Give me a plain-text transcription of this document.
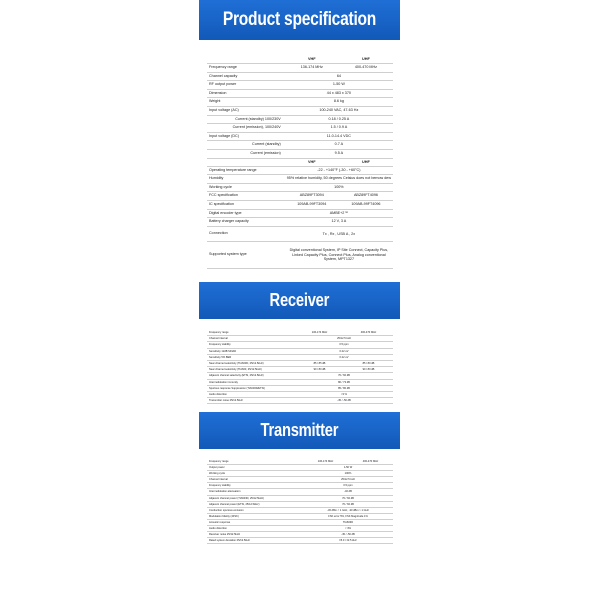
Product specification
	VHF	UHF
Frequency range	136-174 MHz	400-470 MHz
Channel capacity	64	
RF output power	1-50 W	
Dimension	44 x 483 x 370	
Weight	8.6 kg	
Input voltage (AC)	100-240 VAC, 47-63 Hz	
Current (standby) 100/230V	0.18 / 0.25 A	
Current (emission), 100/240V	1.5 / 0.9 A	
Input voltage (DC)	11.0-14.4 VDC	
Current (standby)	0.7 A	
Current (emission)	9.5 A	
	VHF	UHF
Operating temperature range	-22 - +140°F (-30 - +60°C)	
Humidity	95% relative humidity, 50 degrees Celsius does not bemow dew	
Working cycle	100%	
FCC specification	ABZ89FT3094	ABZ89FT4096
IC specification	109AB-99FT3094	109AB-99FT4096
Digital encoder type	AMBE+2™	
Battery charger capacity	12 V, 3 A	
Connection	Tx , Rx , USB A , 2x	
Supported system type	Digital conventional System, IP Site Connect, Capacity Plus, Linked Capacity Plus, Connect Plus, Analog conventional System, MPT1327	
Receiver
Frequency range	136-174 MHz	400-470 MHz
Channel interval	25/12.5 kHz	
Frequency stability	0.5 ppm	
Sensitivity 12dB SINAD	0.22 uV	
Sensitivity 5% BER	0.22 uV	
Near channel selectivity (TIA603D, 25/12.5kHz)	85 / 85 dB	85 / 80 dB
Near channel selectivity (TIA603, 25/12.5kHz)	90 / 80 dB	90 / 80 dB
Adjacent channel selectivity (ETSI, 25/12.5kHz)	70 / 60 dB	
Intermodulation immunity	80 / 73 dB	
Spurious response Suppression (TIA603D/ETSI)	85 / 80 dB	
Audio distortion	<3 %	
Transmitter noise 25/12.5kHz	-45 / -50 dB	
Transmitter
Frequency range	136-174 MHz	400-470 MHz
Output power	1-50 W	
Working cycle	100%	
Channel interval	25/12.5 kHz	
Frequency stability	0.5 ppm	
Intermodulation attenuation	-40 dB	
Adjacent channel power (TIA603D, 25/12.5kHz)	70 / 60 dB	
Adjacent channel power (ETSI, 25/12.5kHz)	70 / 60 dB	
Conduction spurious emission	-36 dBm < 1 GHz, -30 dBm > 1 GHz	
Modulation fidelity (4FSK)	FSK error 5%, FSK Magnitude 1%	
Acoustic response	TIA603D	
Audio distortion	< 3%	
Receiver noise 25/12.5kHz	-45 / -50 dB	
Rated system deviation 25/12.5kHz	±5.0 / ±2.5 kHz	
